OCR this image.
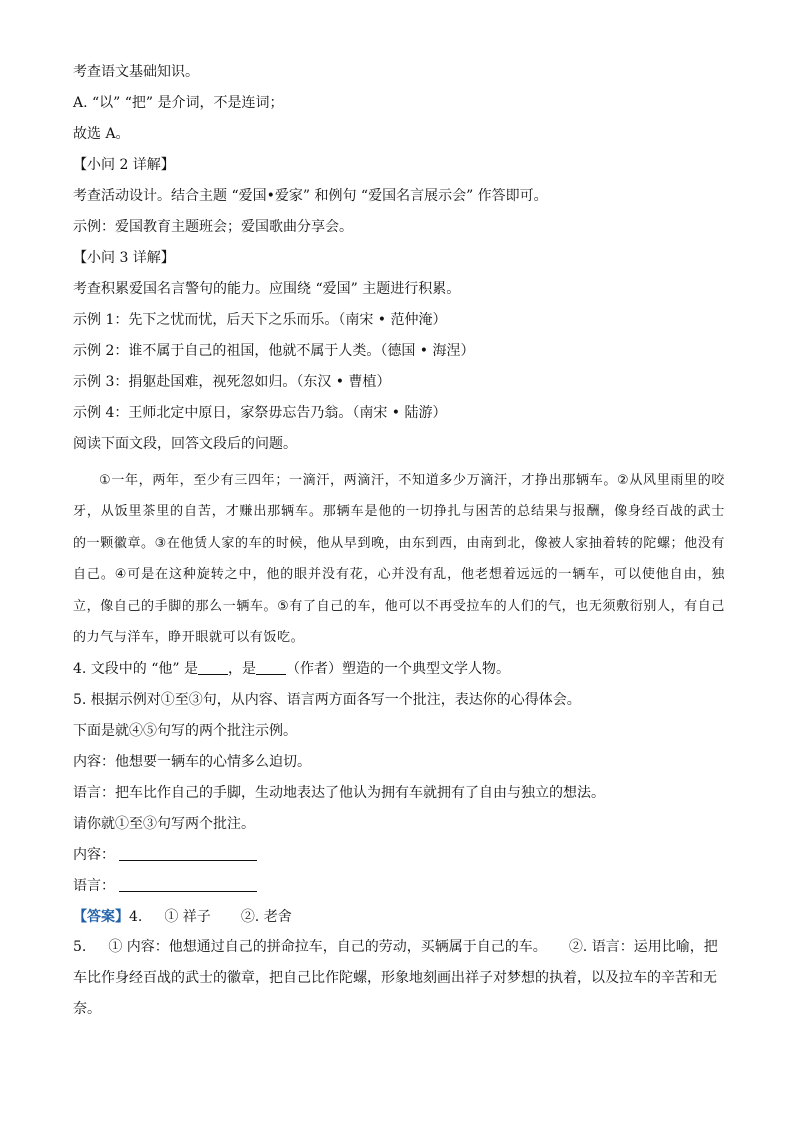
考查语文基础知识。
A. “以” “把” 是介词，不是连词；
故选 A。
【小问 2 详解】
考查活动设计。结合主题 “爱国•爱家” 和例句 “爱国名言展示会” 作答即可。
示例：爱国教育主题班会；爱国歌曲分享会。
【小问 3 详解】
考查积累爱国名言警句的能力。应围绕 “爱国” 主题进行积累。
示例 1：先下之忧而忧，后天下之乐而乐。（南宋 • 范仲淹）
示例 2：谁不属于自己的祖国，他就不属于人类。（德国 • 海涅）
示例 3：捐躯赴国难，视死忽如归。（东汉 • 曹植）
示例 4：王师北定中原日，家祭毋忘告乃翁。（南宋 • 陆游）
阅读下面文段，回答文段后的问题。
①一年，两年，至少有三四年；一滴汗，两滴汗，不知道多少万滴汗，才挣出那辆车。②从风里雨里的咬牙，从饭里茶里的自苦，才赚出那辆车。那辆车是他的一切挣扎与困苦的总结果与报酬，像身经百战的武士的一颗徽章。③在他赁人家的车的时候，他从早到晚，由东到西，由南到北，像被人家抽着转的陀螺；他没有自己。④可是在这种旋转之中，他的眼并没有花，心并没有乱，他老想着远远的一辆车，可以使他自由，独立，像自己的手脚的那么一辆车。⑤有了自己的车，他可以不再受拉车的人们的气，也无须敷衍别人，有自己的力气与洋车，睁开眼就可以有饭吃。
4. 文段中的 “他” 是 ，是 （作者）塑造的一个典型文学人物。
5. 根据示例对①至③句，从内容、语言两方面各写一个批注，表达你的心得体会。
下面是就④⑤句写的两个批注示例。
内容：他想要一辆车的心情多么迫切。
语言：把车比作自己的手脚，生动地表达了他认为拥有车就拥有了自由与独立的想法。
请你就①至③句写两个批注。
内容：
语言：
【答案】4. ① 祥子 ②. 老舍
5. ① 内容：他想通过自己的拼命拉车，自己的劳动，买辆属于自己的车。 ②. 语言：运用比喻，把车比作身经百战的武士的徽章，把自己比作陀螺，形象地刻画出祥子对梦想的执着，以及拉车的辛苦和无奈。
